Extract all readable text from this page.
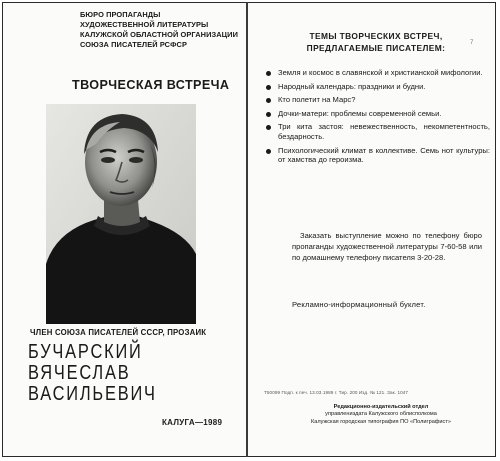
БЮРО ПРОПАГАНДЫ
ХУДОЖЕСТВЕННОЙ ЛИТЕРАТУРЫ
КАЛУЖСКОЙ ОБЛАСТНОЙ ОРГАНИЗАЦИИ
СОЮЗА ПИСАТЕЛЕЙ РСФСР
ТВОРЧЕСКАЯ ВСТРЕЧА
ЧЛЕН СОЮЗА ПИСАТЕЛЕЙ СССР, ПРОЗАИК
БУЧАРСКИЙ
ВЯЧЕСЛАВ
ВАСИЛЬЕВИЧ
КАЛУГА—1989
7
ТЕМЫ ТВОРЧЕСКИХ ВСТРЕЧ,
ПРЕДЛАГАЕМЫЕ ПИСАТЕЛЕМ:
Земля и космос в славянской и христианской мифологии.
Народный календарь: праздники и будни.
Кто полетит на Марс?
Дочки-матери: проблемы современной семьи.
Три кита застоя: невежественность, некомпетентность, бездарность.
Психологический климат в коллективе. Семь нот культуры: от хамства до героизма.
Заказать выступление можно по телефону бюро пропаганды художественной литературы 7-60-58 или по домашнему телефону писателя 3-20-28.
Рекламно-информационный буклет.
Т50099 Подп. к печ. 13.03.1989 г. Тир. 200 Изд. № 121. Зак. 1047
Редакционно-издательский отдел
управлениздата Калужского облисполкома
Калужская городская типография ПО «Полиграфист»
